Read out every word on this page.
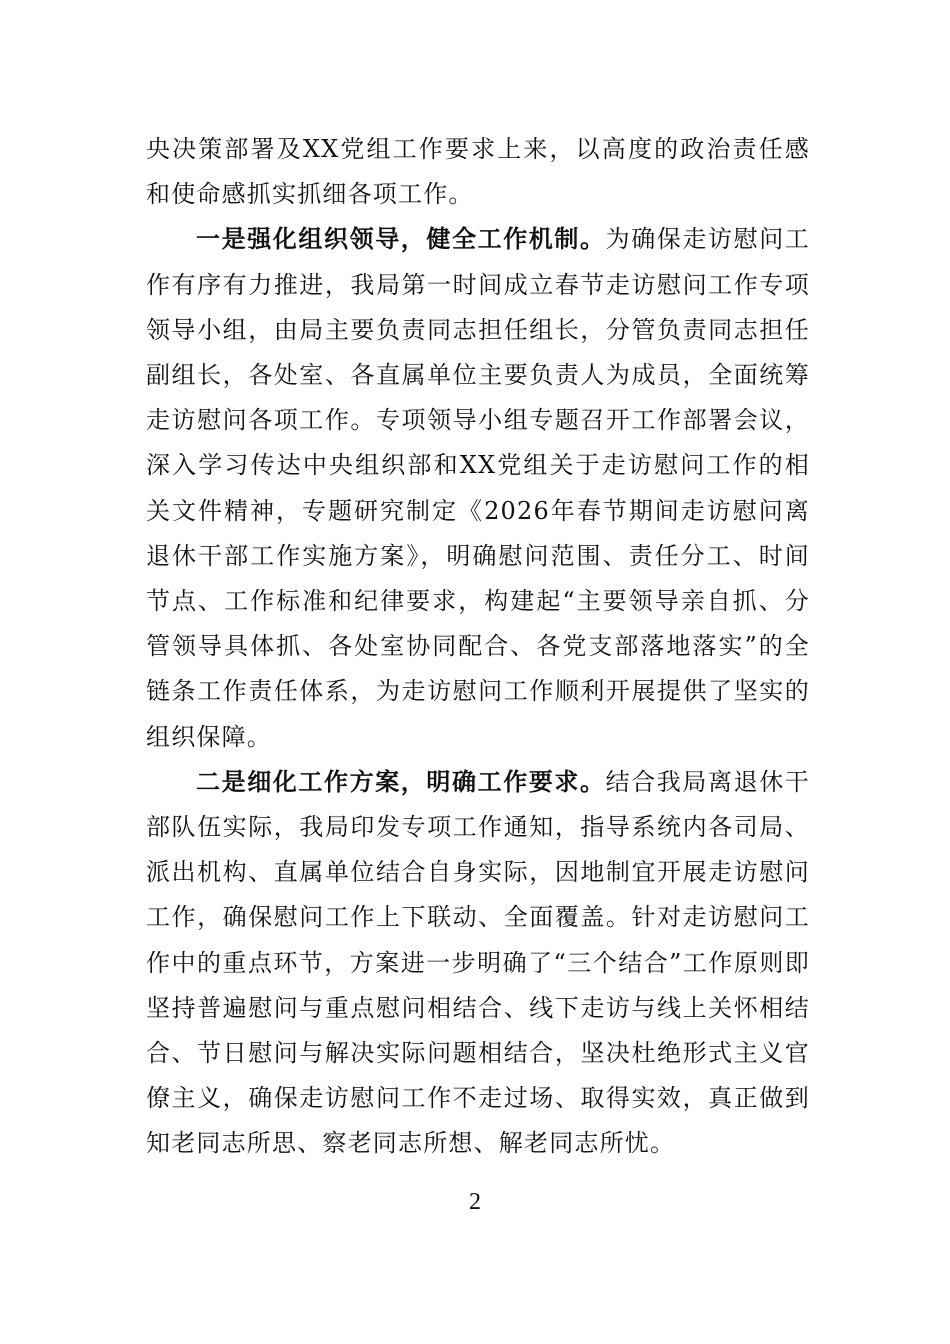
央决策部署及XX党组工作要求上来，以高度的政治责任感和使命感抓实抓细各项工作。

一是强化组织领导，健全工作机制。为确保走访慰问工作有序有力推进，我局第一时间成立春节走访慰问工作专项领导小组，由局主要负责同志担任组长，分管负责同志担任副组长，各处室、各直属单位主要负责人为成员，全面统筹走访慰问各项工作。专项领导小组专题召开工作部署会议，深入学习传达中央组织部和XX党组关于走访慰问工作的相关文件精神，专题研究制定《2026年春节期间走访慰问离退休干部工作实施方案》，明确慰问范围、责任分工、时间节点、工作标准和纪律要求，构建起“主要领导亲自抓、分管领导具体抓、各处室协同配合、各党支部落地落实”的全链条工作责任体系，为走访慰问工作顺利开展提供了坚实的组织保障。

二是细化工作方案，明确工作要求。结合我局离退休干部队伍实际，我局印发专项工作通知，指导系统内各司局、派出机构、直属单位结合自身实际，因地制宜开展走访慰问工作，确保慰问工作上下联动、全面覆盖。针对走访慰问工作中的重点环节，方案进一步明确了“三个结合”工作原则即坚持普遍慰问与重点慰问相结合、线下走访与线上关怀相结合、节日慰问与解决实际问题相结合，坚决杜绝形式主义官僚主义，确保走访慰问工作不走过场、取得实效，真正做到知老同志所思、察老同志所想、解老同志所忧。

2
